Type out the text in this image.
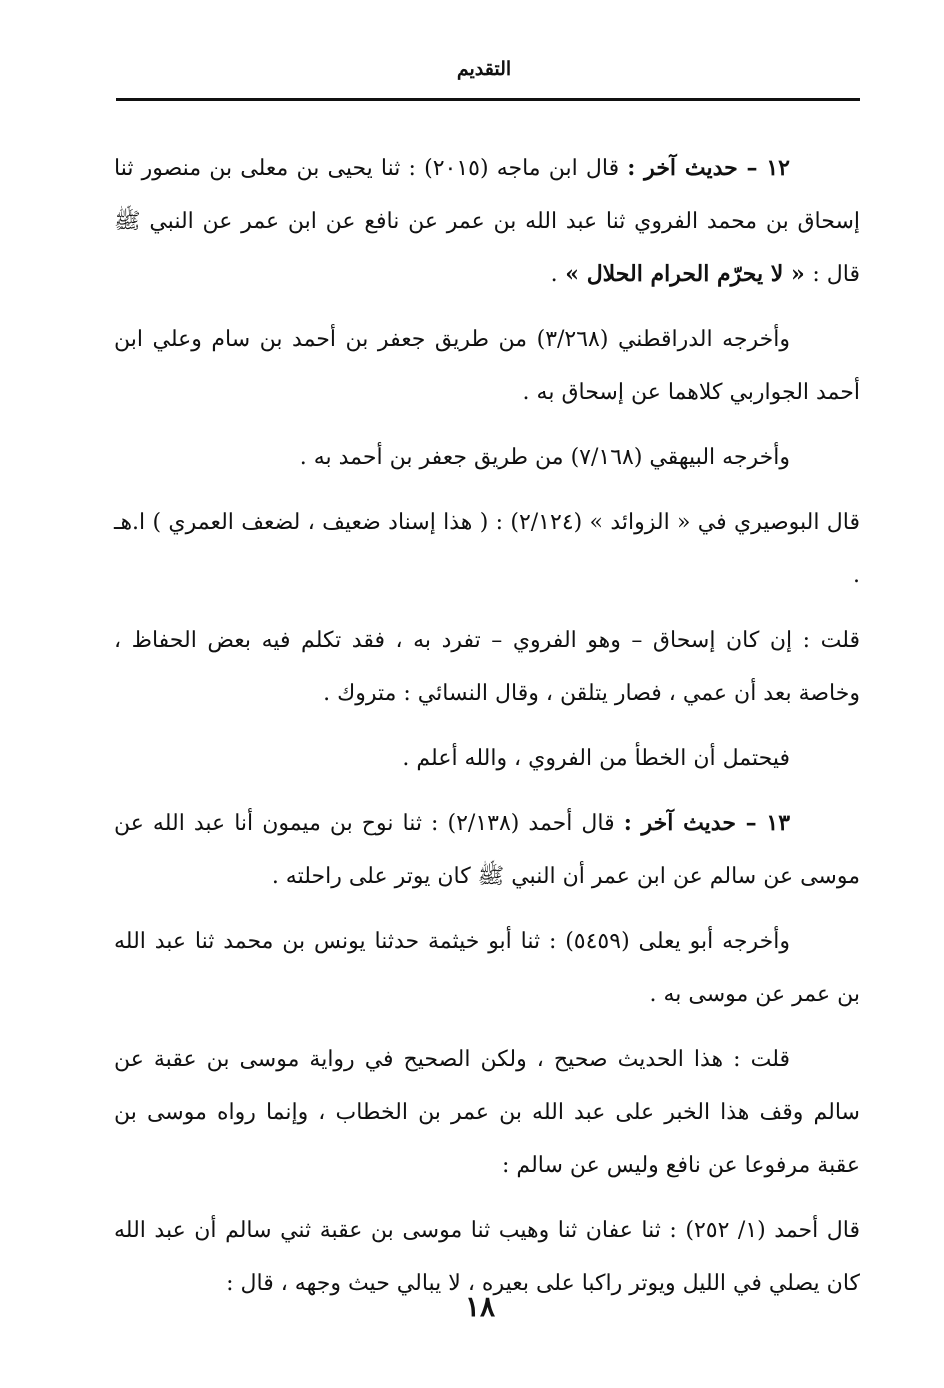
التقديم

١٢ – حديث آخر : قال ابن ماجه (٢٠١٥) : ثنا يحيى بن معلى بن منصور ثنا إسحاق بن محمد الفروي ثنا عبد الله بن عمر عن نافع عن ابن عمر عن النبي ﷺ قال : « لا يحرّم الحرام الحلال » .

وأخرجه الدراقطني (٣/٢٦٨) من طريق جعفر بن أحمد بن سام وعلي ابن أحمد الجواربي كلاهما عن إسحاق به .

وأخرجه البيهقي (٧/١٦٨) من طريق جعفر بن أحمد به .

قال البوصيري في « الزوائد » (٢/١٢٤) : ( هذا إسناد ضعيف ، لضعف العمري ) ا.هـ .

قلت : إن كان إسحاق – وهو الفروي – تفرد به ، فقد تكلم فيه بعض الحفاظ ، وخاصة بعد أن عمي ، فصار يتلقن ، وقال النسائي : متروك .

فيحتمل أن الخطأ من الفروي ، والله أعلم .

١٣ – حديث آخر : قال أحمد (٢/١٣٨) : ثنا نوح بن ميمون أنا عبد الله عن موسى عن سالم عن ابن عمر أن النبي ﷺ كان يوتر على راحلته .

وأخرجه أبو يعلى (٥٤٥٩) : ثنا أبو خيثمة حدثنا يونس بن محمد ثنا عبد الله بن عمر عن موسى به .

قلت : هذا الحديث صحيح ، ولكن الصحيح في رواية موسى بن عقبة عن سالم وقف هذا الخبر على عبد الله بن عمر بن الخطاب ، وإنما رواه موسى بن عقبة مرفوعا عن نافع وليس عن سالم :

قال أحمد (١/ ٢٥٢) : ثنا عفان ثنا وهيب ثنا موسى بن عقبة ثني سالم أن عبد الله كان يصلي في الليل ويوتر راكبا على بعيره ، لا يبالي حيث وجهه ، قال :

١٨
